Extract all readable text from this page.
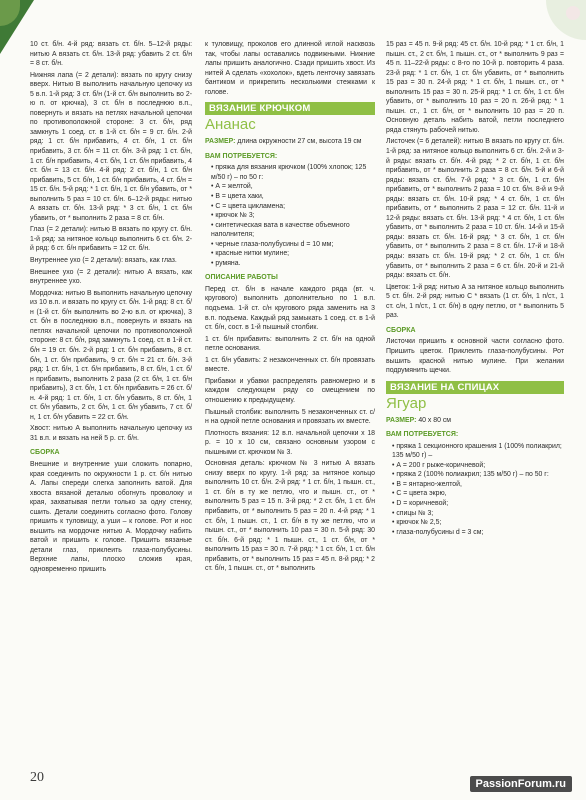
10 ст. б/н. 4-й ряд: вязать ст. б/н. 5–12-й ряды: нитью А вязать ст. б/н. 13-й ряд: убавить 2 ст. б/н = 8 ст. б/н.

Нижняя лапа (= 2 детали): вязать по кругу снизу вверх. Нитью В выполнить начальную цепочку из 5 в.п. 1-й ряд: 3 ст. б/н (1-й ст. б/н выполнить во 2-ю п. от крючка), 3 ст. б/н в последнюю в.п., повернуть и вязать на петлях начальной цепочки по противоположной стороне: 3 ст. б/н, ряд замкнуть 1 соед. ст. в 1-й ст. б/н = 9 ст. б/н. 2-й ряд: 1 ст. б/н прибавить, 4 ст. б/н, 1 ст. б/н прибавить, 3 ст. б/н = 11 ст. б/н. 3-й ряд: 1 ст. б/н, 1 ст. б/н прибавить, 4 ст. б/н, 1 ст. б/н прибавить, 4 ст. б/н = 13 ст. б/н. 4-й ряд: 2 ст. б/н, 1 ст. б/н прибавить, 5 ст. б/н, 1 ст. б/н прибавить, 4 ст. б/н = 15 ст. б/н. 5-й ряд: * 1 ст. б/н, 1 ст. б/н убавить, от * выполнить 5 раз = 10 ст. б/н. 6–12-й ряды: нитью А вязать ст. б/н. 13-й ряд: * 3 ст. б/н, 1 ст. б/н убавить, от * выполнить 2 раза = 8 ст. б/н.

Глаз (= 2 детали): нитью В вязать по кругу ст. б/н. 1-й ряд: за нитяное кольцо выполнить 6 ст. б/н. 2-й ряд: 6 ст. б/н прибавить = 12 ст. б/н.

Внутреннее ухо (= 2 детали): вязать, как глаз.

Внешнее ухо (= 2 детали): нитью А вязать, как внутреннее ухо.

Мордочка: нитью В выполнить начальную цепочку из 10 в.п. и вязать по кругу ст. б/н. 1-й ряд: 8 ст. б/н (1-й ст. б/н выполнить во 2-ю в.п. от крючка), 3 ст. б/н в последнюю в.п., повернуть и вязать на петлях начальной цепочки по противоположной стороне: 8 ст. б/н, ряд замкнуть 1 соед. ст. в 1-й ст. б/н = 19 ст. б/н. 2-й ряд: 1 ст. б/н прибавить, 8 ст. б/н, 1 ст. б/н прибавить, 9 ст. б/н = 21 ст. б/н. 3-й ряд: 1 ст. б/н, 1 ст. б/н прибавить, 8 ст. б/н, 1 ст. б/н прибавить, выполнить 2 раза (2 ст. б/н, 1 ст. б/н прибавить), 3 ст. б/н, 1 ст. б/н прибавить = 26 ст. б/н. 4-й ряд: 1 ст. б/н, 1 ст. б/н убавить, 8 ст. б/н, 1 ст. б/н убавить, 2 ст. б/н, 1 ст. б/н убавить, 7 ст. б/н, 1 ст. б/н убавить = 22 ст. б/н.

Хвост: нитью А выполнить начальную цепочку из 31 в.п. и вязать на ней 5 р. ст. б/н.

СБОРКА

Внешние и внутренние уши сложить попарно, края соединить по окружности 1 р. ст. б/н нитью А. Лапы спереди слегка заполнить ватой. Для хвоста вязаной деталью обогнуть проволоку и края, захватывая петли только за одну стенку, сшить. Детали соединить согласно фото. Голову пришить к туловищу, а уши – к голове. Рот и нос вышить на мордочке нитью А. Мордочку набить ватой и пришить к голове. Пришить вязаные детали глаз, приклеить глаза-полубусины. Верхние лапы, плоско сложив края, одновременно пришить

к туловищу, проколов его длинной иглой насквозь так, чтобы лапы оставались подвижными. Нижние лапы пришить аналогично. Сзади пришить хвост. Из нитей А сделать «хохолок», вдеть ленточку завязать бантиком и прикрепить несколькими стежками к голове.

ВЯЗАНИЕ КРЮЧКОМ
Ананас

РАЗМЕР: длина окружности 27 см, высота 19 см

ВАМ ПОТРЕБУЕТСЯ:
• пряжа для вязания крючком (100% хлопок; 125 м/50 г) – по 50 г:
• А = желтой,
• В = цвета хаки,
• С = цвета цикламена;
• крючок № 3;
• синтетическая вата в качестве объемного наполнителя;
• черные глаза-полубусины d = 10 мм;
• красные нитки мулине;
• румяна.
ОПИСАНИЕ РАБОТЫ

Перед ст. б/н в начале каждого ряда (вт. ч. кругового) выполнить дополнительно по 1 в.п. подъема. 1-й ст. с/н кругового ряда заменить на 3 в.п. подъема. Каждый ряд замыкать 1 соед. ст. в 1-й ст. б/н, сост. в 1-й пышный столбик.

1 ст. б/н прибавить: выполнить 2 ст. б/н на одной петле основания.

1 ст. б/н убавить: 2 незаконченных ст. б/н провязать вместе.

Прибавки и убавки распределять равномерно и в каждом следующем ряду со смещением по отношению к предыдущему.

Пышный столбик: выполнить 5 незаконченных ст. с/н на одной петле основания и провязать их вместе.

Плотность вязания: 12 в.п. начальной цепочки х 18 р. = 10 х 10 см, связано основным узором с пышными ст. крючком № 3.

Основная деталь: крючком № 3 нитью А вязать снизу вверх по кругу. 1-й ряд: за нитяное кольцо выполнить 10 ст. б/н. 2-й ряд: * 1 ст. б/н, 1 пышн. ст., 1 ст. б/н в ту же петлю, что и пышн. ст., от * выполнить 5 раз = 15 п. 3-й ряд: * 2 ст. б/н, 1 ст. б/н прибавить, от * выполнить 5 раз = 20 п. 4-й ряд: * 1 ст. б/н, 1 пышн. ст., 1 ст. б/н в ту же петлю, что и пышн. ст., от * выполнить 10 раз = 30 п. 5-й ряд: 30 ст. б/н. 6-й ряд: * 1 пышн. ст., 1 ст. б/н, от * выполнить 15 раз = 30 п. 7-й ряд: * 1 ст. б/н, 1 ст. б/н прибавить, от * выполнить 15 раз = 45 п. 8-й ряд: * 2 ст. б/н, 1 пышн. ст., от * выполнить

15 раз = 45 п. 9-й ряд: 45 ст. б/н. 10-й ряд: * 1 ст. б/н, 1 пышн. ст., 2 ст. б/н, 1 пышн. ст., от * выполнить 9 раз = 45 п. 11–22-й ряды: с 8-го по 10-й р. повторить 4 раза. 23-й ряд: * 1 ст. б/н, 1 ст. б/н убавить, от * выполнить 15 раз = 30 п. 24-й ряд: * 1 ст. б/н, 1 пышн. ст., от * выполнить 15 раз = 30 п. 25-й ряд: * 1 ст. б/н, 1 ст. б/н убавить, от * выполнить 10 раз = 20 п. 26-й ряд: * 1 пышн. ст., 1 ст. б/н, от * выполнить 10 раз = 20 п. Основную деталь набить ватой, петли последнего ряда стянуть рабочей нитью.

Листочек (= 6 деталей): нитью В вязать по кругу ст. б/н. 1-й ряд: за нитяное кольцо выполнить 6 ст. б/н. 2-й и 3-й ряды: вязать ст. б/н. 4-й ряд: * 2 ст. б/н, 1 ст. б/н прибавить, от * выполнить 2 раза = 8 ст. б/н. 5-й и 6-й ряды: вязать ст. б/н. 7-й ряд: * 3 ст. б/н, 1 ст. б/н прибавить, от * выполнить 2 раза = 10 ст. б/н. 8-й и 9-й ряды: вязать ст. б/н. 10-й ряд: * 4 ст. б/н, 1 ст. б/н прибавить, от * выполнить 2 раза = 12 ст. б/н. 11-й и 12-й ряды: вязать ст. б/н. 13-й ряд: * 4 ст. б/н, 1 ст. б/н убавить, от * выполнить 2 раза = 10 ст. б/н. 14-й и 15-й ряды: вязать ст. б/н. 16-й ряд: * 3 ст. б/н, 1 ст. б/н убавить, от * выполнить 2 раза = 8 ст. б/н. 17-й и 18-й ряды: вязать ст. б/н. 19-й ряд: * 2 ст. б/н, 1 ст. б/н убавить, от * выполнить 2 раза = 6 ст. б/н. 20-й и 21-й ряды: вязать ст. б/н.

Цветок: 1-й ряд: нитью А за нитяное кольцо выполнить 5 ст. б/н. 2-й ряд: нитью С * вязать (1 ст. б/н, 1 п/ст., 1 ст. с/н, 1 п/ст., 1 ст. б/н) в одну петлю, от * выполнить 5 раз.

СБОРКА

Листочки пришить к основной части согласно фото. Пришить цветок. Приклеить глаза-полубусины. Рот вышить красной нитью мулине. При желании подрумянить щечки.

ВЯЗАНИЕ НА СПИЦАХ
Ягуар

РАЗМЕР: 40 х 80 см

ВАМ ПОТРЕБУЕТСЯ:
• пряжа 1 секционного крашения 1 (100% полиакрил; 135 м/50 г) –
• А = 200 г рыже-коричневой;
• пряжа 2 (100% полиакрил; 135 м/50 г) – по 50 г:
• В = янтарно-желтой,
• С = цвета экрю,
• D = коричневой;
• спицы № 3;
• крючок № 2,5;
• глаза-полубусины d = 3 см;
20	PassionForum.ru
